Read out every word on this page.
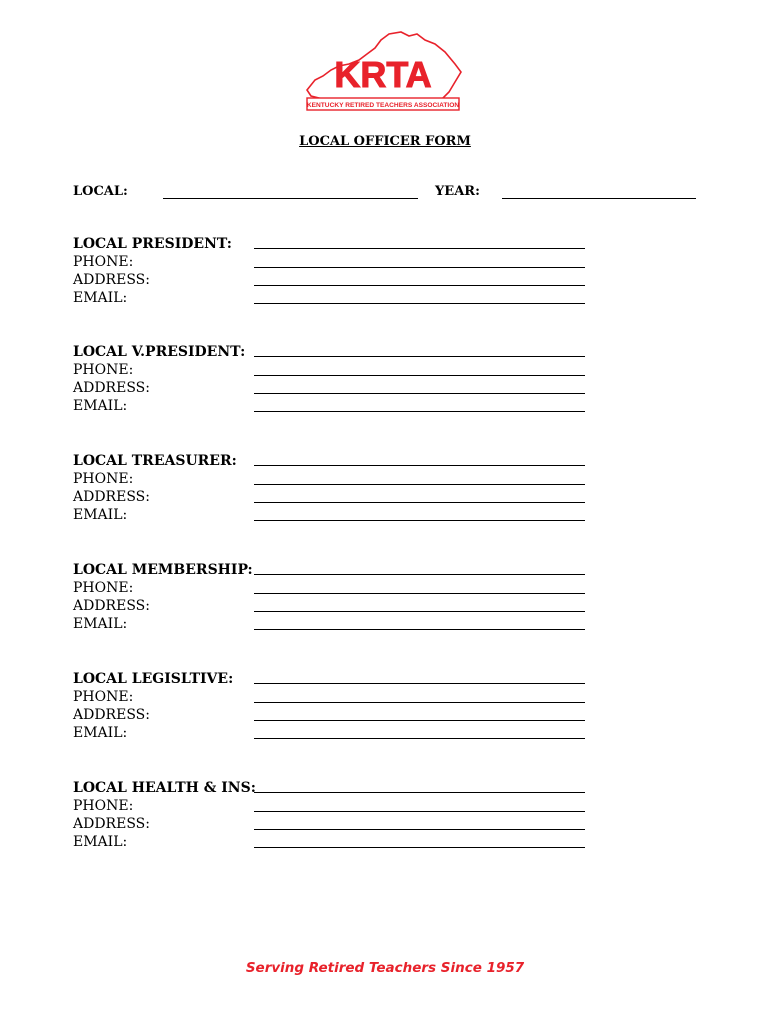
KRTA
KENTUCKY RETIRED TEACHERS ASSOCIATION
LOCAL OFFICER FORM
LOCAL:	YEAR:
LOCAL PRESIDENT:
PHONE:
ADDRESS:
EMAIL:
LOCAL V.PRESIDENT:
PHONE:
ADDRESS:
EMAIL:
LOCAL TREASURER:
PHONE:
ADDRESS:
EMAIL:
LOCAL MEMBERSHIP:
PHONE:
ADDRESS:
EMAIL:
LOCAL LEGISLTIVE:
PHONE:
ADDRESS:
EMAIL:
LOCAL HEALTH & INS:
PHONE:
ADDRESS:
EMAIL:
Serving Retired Teachers Since 1957
